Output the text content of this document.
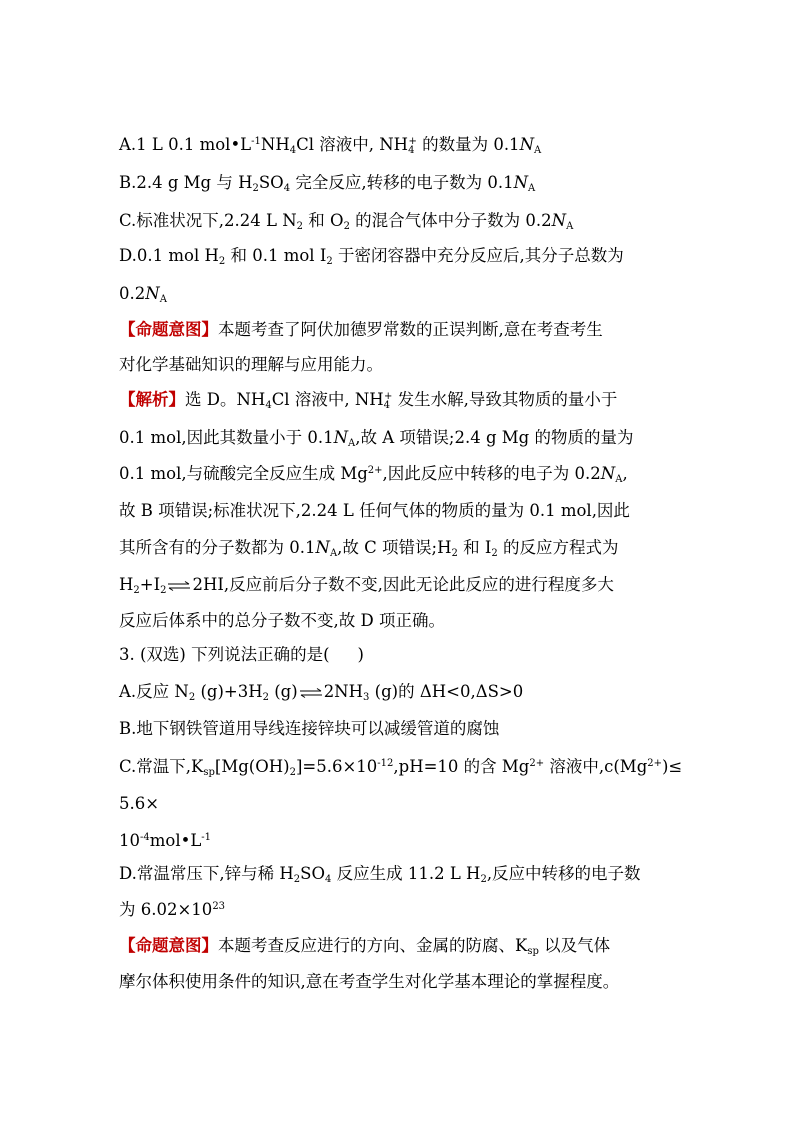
A.1 L 0.1 $mol•L^{-1}NH_4Cl$ 溶液中, $NH_4^+$ 的数量为 $0.1N_A$
B.2.4 g Mg 与 $H_2SO_4$ 完全反应,转移的电子数为 $0.1N_A$
C.标准状况下,2.24 L $N_2$ 和 $O_2$ 的混合气体中分子数为 $0.2N_A$
D.0.1 mol $H_2$ 和 0.1 mol $I_2$ 于密闭容器中充分反应后,其分子总数为
$0.2N_A$
【命题意图】本题考查了阿伏加德罗常数的正误判断,意在考查考生
对化学基础知识的理解与应用能力。
【解析】选 D。$NH_4Cl$ 溶液中, $NH_4^+$ 发生水解,导致其物质的量小于
0.1 mol,因此其数量小于 $0.1N_A$,故 A 项错误;2.4 g Mg 的物质的量为
0.1 mol,与硫酸完全反应生成 $Mg^{2+}$,因此反应中转移的电子为 $0.2N_A$,
故 B 项错误;标准状况下,2.24 L 任何气体的物质的量为 0.1 mol,因此
其所含有的分子数都为 $0.1N_A$,故 C 项错误$;H_2$ 和 $I_2$ 的反应方程式为
$H_2+I_2\rightleftharpoons 2HI$,反应前后分子数不变,因此无论此反应的进行程度多大
反应后体系中的总分子数不变,故 D 项正确。
3. (双选) 下列说法正确的是( )
A.反应 $N_2$ $(g)+3H_2$ $(g)\rightleftharpoons 2NH_3$ (g)的 ΔH<0,ΔS>0
B.地下钢铁管道用导线连接锌块可以减缓管道的腐蚀
C.常温下$,K_{sp}[Mg(OH)_2]=5.6\times 10^{-12},pH=10$ 的含 $Mg^{2+}$ 溶液中$,c(Mg^{2+})\le$
5.6×
$10^{-4}mol•L^{-1}$
D.常温常压下,锌与稀 $H_2SO_4$ 反应生成 11.2 L $H_2$,反应中转移的电子数
为 $6.02\times 10^{23}$
【命题意图】本题考查反应进行的方向、金属的防腐、$K_{sp}$ 以及气体
摩尔体积使用条件的知识,意在考查学生对化学基本理论的掌握程度。
